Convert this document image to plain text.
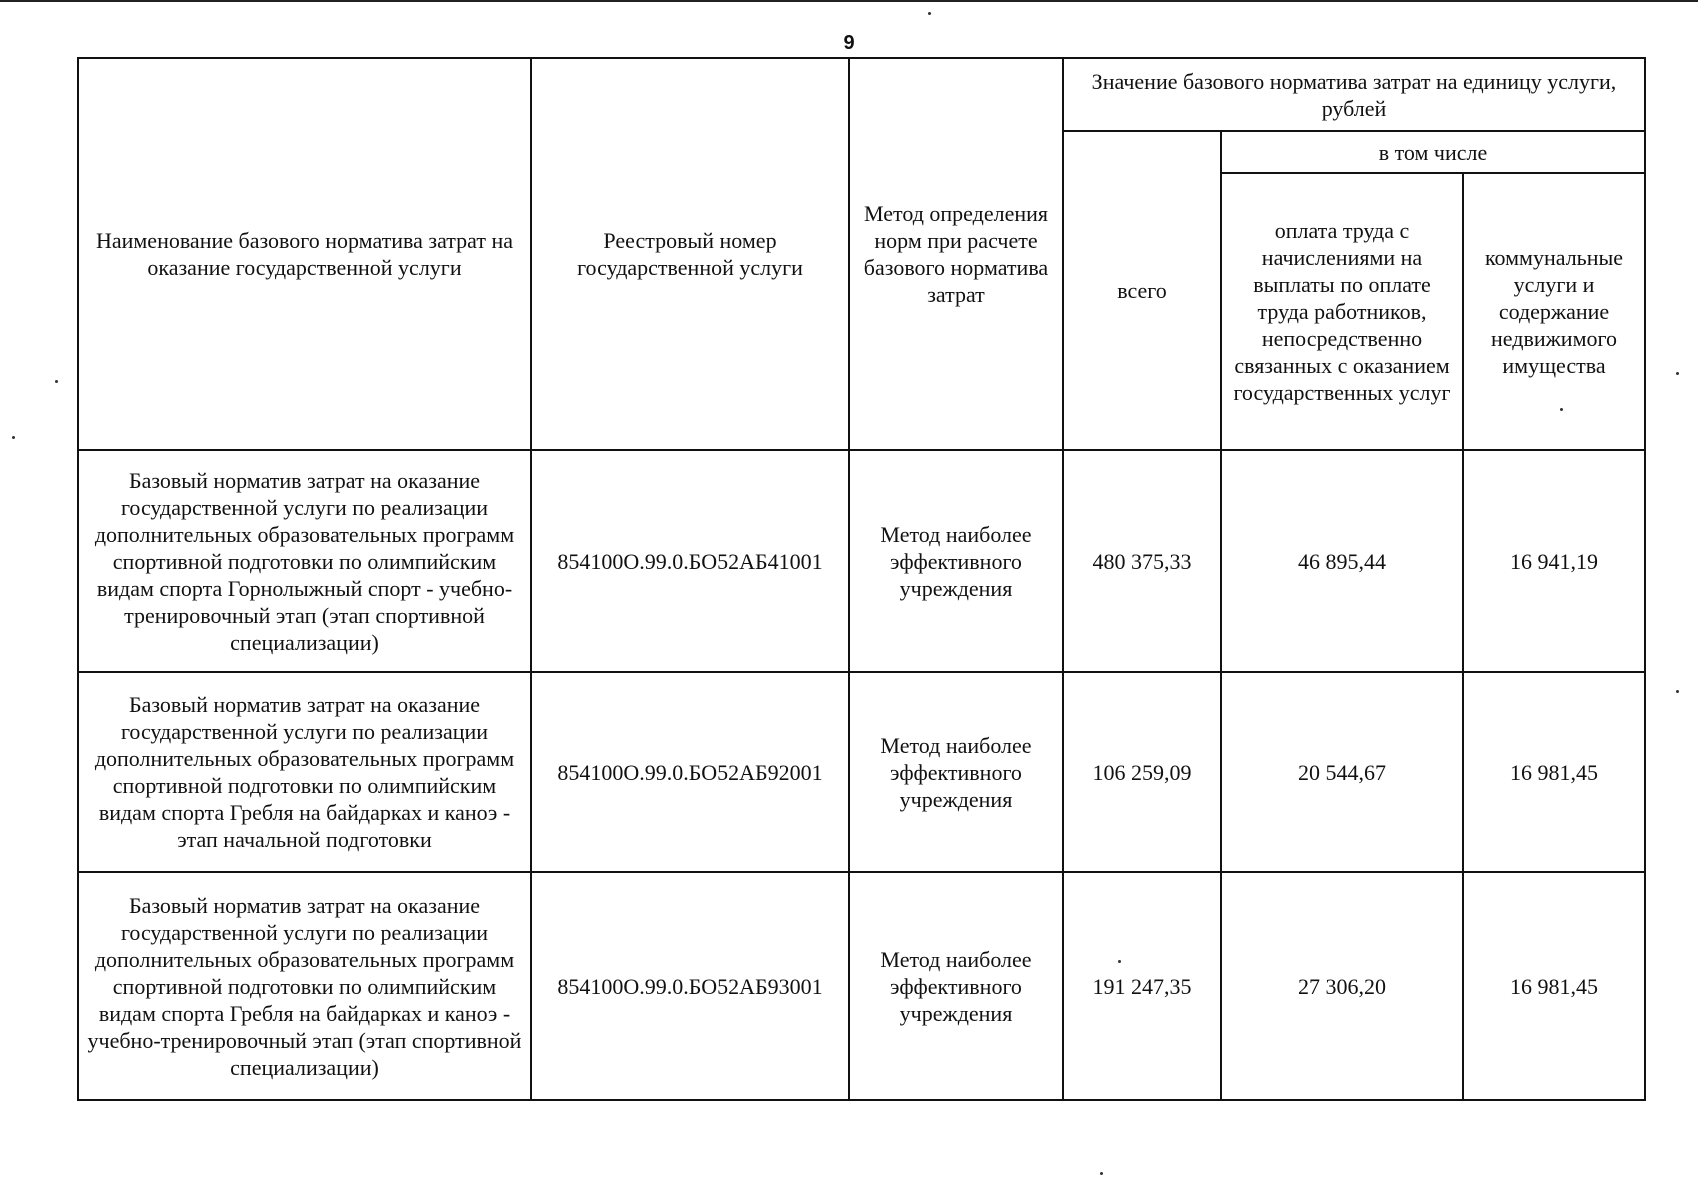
9
Наименование базового норматива затрат на оказание государственной услуги	Реестровый номер государственной услуги	Метод определения норм при расчете базового норматива затрат	Значение базового норматива затрат на единицу услуги, рублей		

			всего	в том числе	

				оплата труда с начислениями на выплаты по оплате труда работников, непосредственно связанных с оказанием государственных услуг	коммунальные услуги и содержание недвижимого имущества

Базовый норматив затрат на оказание государственной услуги по реализации дополнительных образовательных программ спортивной подготовки по олимпийским видам спорта Горнолыжный спорт - учебно-тренировочный этап (этап спортивной специализации)	854100О.99.0.БО52АБ41001	Метод наиболее эффективного учреждения	480 375,33	46 895,44	16 941,19

Базовый норматив затрат на оказание государственной услуги по реализации дополнительных образовательных программ спортивной подготовки по олимпийским видам спорта Гребля на байдарках и каноэ - этап начальной подготовки	854100О.99.0.БО52АБ92001	Метод наиболее эффективного учреждения	106 259,09	20 544,67	16 981,45

Базовый норматив затрат на оказание государственной услуги по реализации дополнительных образовательных программ спортивной подготовки по олимпийским видам спорта Гребля на байдарках и каноэ - учебно-тренировочный этап (этап спортивной специализации)	854100О.99.0.БО52АБ93001	Метод наиболее эффективного учреждения	191 247,35	27 306,20	16 981,45
